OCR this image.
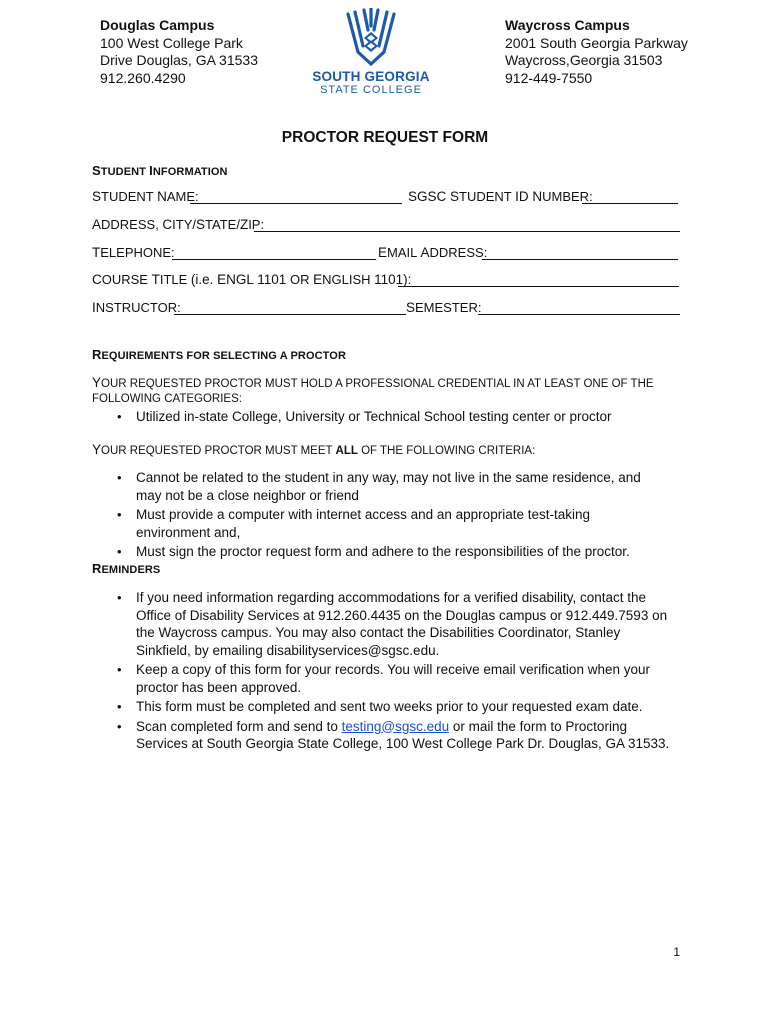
Douglas Campus
100 West College Park
Drive Douglas, GA 31533
912.260.4290	SOUTH GEORGIA
STATE COLLEGE
Waycross Campus
2001 South Georgia Parkway
Waycross,Georgia 31503
912-449-7550
PROCTOR REQUEST FORM
STUDENT INFORMATION
STUDENT NAME:	SGSC STUDENT ID NUMBER:
ADDRESS, CITY/STATE/ZIP:
TELEPHONE:	EMAIL ADDRESS:
COURSE TITLE (i.e. ENGL 1101 OR ENGLISH 1101):
INSTRUCTOR:	SEMESTER:
REQUIREMENTS FOR SELECTING A PROCTOR
YOUR REQUESTED PROCTOR MUST HOLD A PROFESSIONAL CREDENTIAL IN AT LEAST ONE OF THE
FOLLOWING CATEGORIES:
• Utilized in-state College, University or Technical School testing center or proctor
YOUR REQUESTED PROCTOR MUST MEET ALL OF THE FOLLOWING CRITERIA:
• Cannot be related to the student in any way, may not live in the same residence, and may not be a close neighbor or friend
• Must provide a computer with internet access and an appropriate test-taking environment and,
• Must sign the proctor request form and adhere to the responsibilities of the proctor.
REMINDERS
• If you need information regarding accommodations for a verified disability, contact the Office of Disability Services at 912.260.4435 on the Douglas campus or 912.449.7593 on the Waycross campus. You may also contact the Disabilities Coordinator, Stanley Sinkfield, by emailing disabilityservices@sgsc.edu.
• Keep a copy of this form for your records. You will receive email verification when your proctor has been approved.
• This form must be completed and sent two weeks prior to your requested exam date.
• Scan completed form and send to testing@sgsc.edu or mail the form to Proctoring Services at South Georgia State College, 100 West College Park Dr. Douglas, GA 31533.
1
